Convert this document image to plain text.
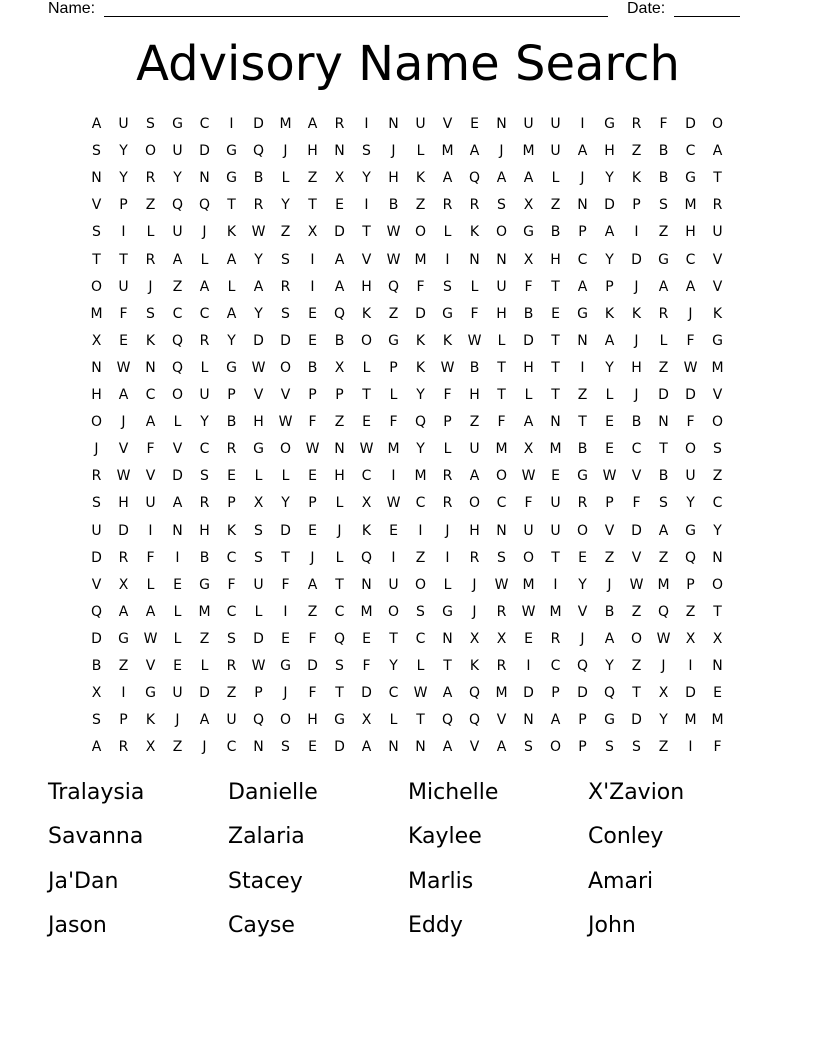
Name:	Date:
Advisory Name Search
A	U	S	G	C	I	D	M	A	R	I	N	U	V	E	N	U	U	I	G	R	F	D	O
S	Y	O	U	D	G	Q	J	H	N	S	J	L	M	A	J	M	U	A	H	Z	B	C	A
N	Y	R	Y	N	G	B	L	Z	X	Y	H	K	A	Q	A	A	L	J	Y	K	B	G	T
V	P	Z	Q	Q	T	R	Y	T	E	I	B	Z	R	R	S	X	Z	N	D	P	S	M	R
S	I	L	U	J	K	W	Z	X	D	T	W	O	L	K	O	G	B	P	A	I	Z	H	U
T	T	R	A	L	A	Y	S	I	A	V	W	M	I	N	N	X	H	C	Y	D	G	C	V
O	U	J	Z	A	L	A	R	I	A	H	Q	F	S	L	U	F	T	A	P	J	A	A	V
M	F	S	C	C	A	Y	S	E	Q	K	Z	D	G	F	H	B	E	G	K	K	R	J	K
X	E	K	Q	R	Y	D	D	E	B	O	G	K	K	W	L	D	T	N	A	J	L	F	G
N	W	N	Q	L	G	W	O	B	X	L	P	K	W	B	T	H	T	I	Y	H	Z	W	M
H	A	C	O	U	P	V	V	P	P	T	L	Y	F	H	T	L	T	Z	L	J	D	D	V
O	J	A	L	Y	B	H	W	F	Z	E	F	Q	P	Z	F	A	N	T	E	B	N	F	O
J	V	F	V	C	R	G	O	W	N	W	M	Y	L	U	M	X	M	B	E	C	T	O	S
R	W	V	D	S	E	L	L	E	H	C	I	M	R	A	O	W	E	G	W	V	B	U	Z
S	H	U	A	R	P	X	Y	P	L	X	W	C	R	O	C	F	U	R	P	F	S	Y	C
U	D	I	N	H	K	S	D	E	J	K	E	I	J	H	N	U	U	O	V	D	A	G	Y
D	R	F	I	B	C	S	T	J	L	Q	I	Z	I	R	S	O	T	E	Z	V	Z	Q	N
V	X	L	E	G	F	U	F	A	T	N	U	O	L	J	W	M	I	Y	J	W	M	P	O
Q	A	A	L	M	C	L	I	Z	C	M	O	S	G	J	R	W	M	V	B	Z	Q	Z	T
D	G	W	L	Z	S	D	E	F	Q	E	T	C	N	X	X	E	R	J	A	O	W	X	X
B	Z	V	E	L	R	W	G	D	S	F	Y	L	T	K	R	I	C	Q	Y	Z	J	I	N
X	I	G	U	D	Z	P	J	F	T	D	C	W	A	Q	M	D	P	D	Q	T	X	D	E
S	P	K	J	A	U	Q	O	H	G	X	L	T	Q	Q	V	N	A	P	G	D	Y	M	M
A	R	X	Z	J	C	N	S	E	D	A	N	N	A	V	A	S	O	P	S	S	Z	I	F
Tralaysia	Danielle	Michelle	X'Zavion
Savanna	Zalaria	Kaylee	Conley
Ja'Dan	Stacey	Marlis	Amari
Jason	Cayse	Eddy	John
